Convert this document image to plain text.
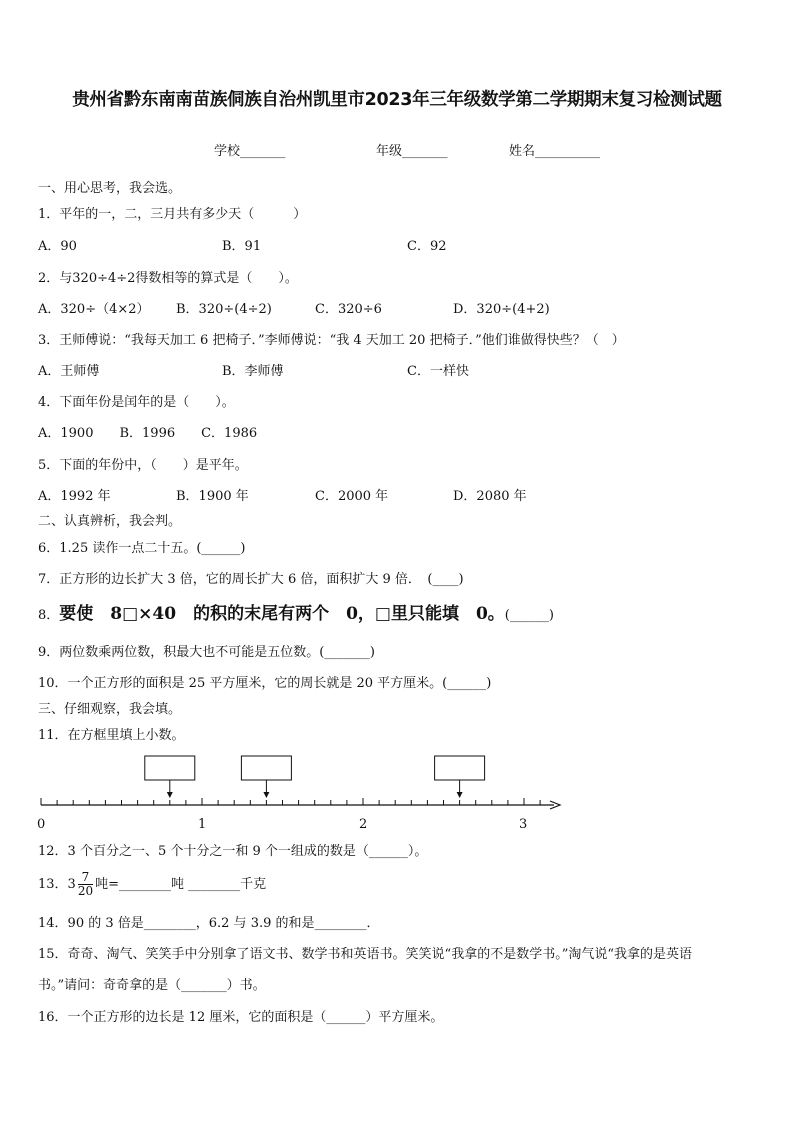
贵州省黔东南南苗族侗族自治州凯里市2023年三年级数学第二学期期末复习检测试题
学校_______	年级_______	姓名__________
一、用心思考，我会选。
1．平年的一，二，三月共有多少天（　　　）
A．90	B．91	C．92
2．与320÷4÷2得数相等的算式是（　　）。
A．320÷（4×2） B．320÷(4÷2)	C．320÷6	D．320÷(4+2)
3．王师傅说：“我每天加工 6 把椅子．”李师傅说：“我 4 天加工 20 把椅子．”他们谁做得快些？（　）
A．王师傅	B．李师傅	C．一样快
4．下面年份是闰年的是（　　）。
A．1900　　B．1996　　C．1986
5．下面的年份中，（　　）是平年。
A．1992 年	B．1900 年	C．2000 年	D．2080 年
二、认真辨析，我会判。
6．1.25 读作一点二十五。(______)
7．正方形的边长扩大 3 倍，它的周长扩大 6 倍，面积扩大 9 倍．　(____)
8．要使　8□×40　的积的末尾有两个　0，□里只能填　0。(______)
9．两位数乘两位数，积最大也不可能是五位数。(_______)
10．一个正方形的面积是 25 平方厘米，它的周长就是 20 平方厘米。(______)
三、仔细观察，我会填。
11．在方框里填上小数。
0	1	2	3
12．3 个百分之一、5 个十分之一和 9 个一组成的数是（______）。
13．$3 \frac{7}{20}$ 吨=________吨 ________千克
14．90 的 3 倍是________，6.2 与 3.9 的和是________．
15．奇奇、淘气、笑笑手中分别拿了语文书、数学书和英语书。笑笑说“我拿的不是数学书。”淘气说“我拿的是英语
书。”请问：奇奇拿的是（_______）书。
16．一个正方形的边长是 12 厘米，它的面积是（______）平方厘米。
